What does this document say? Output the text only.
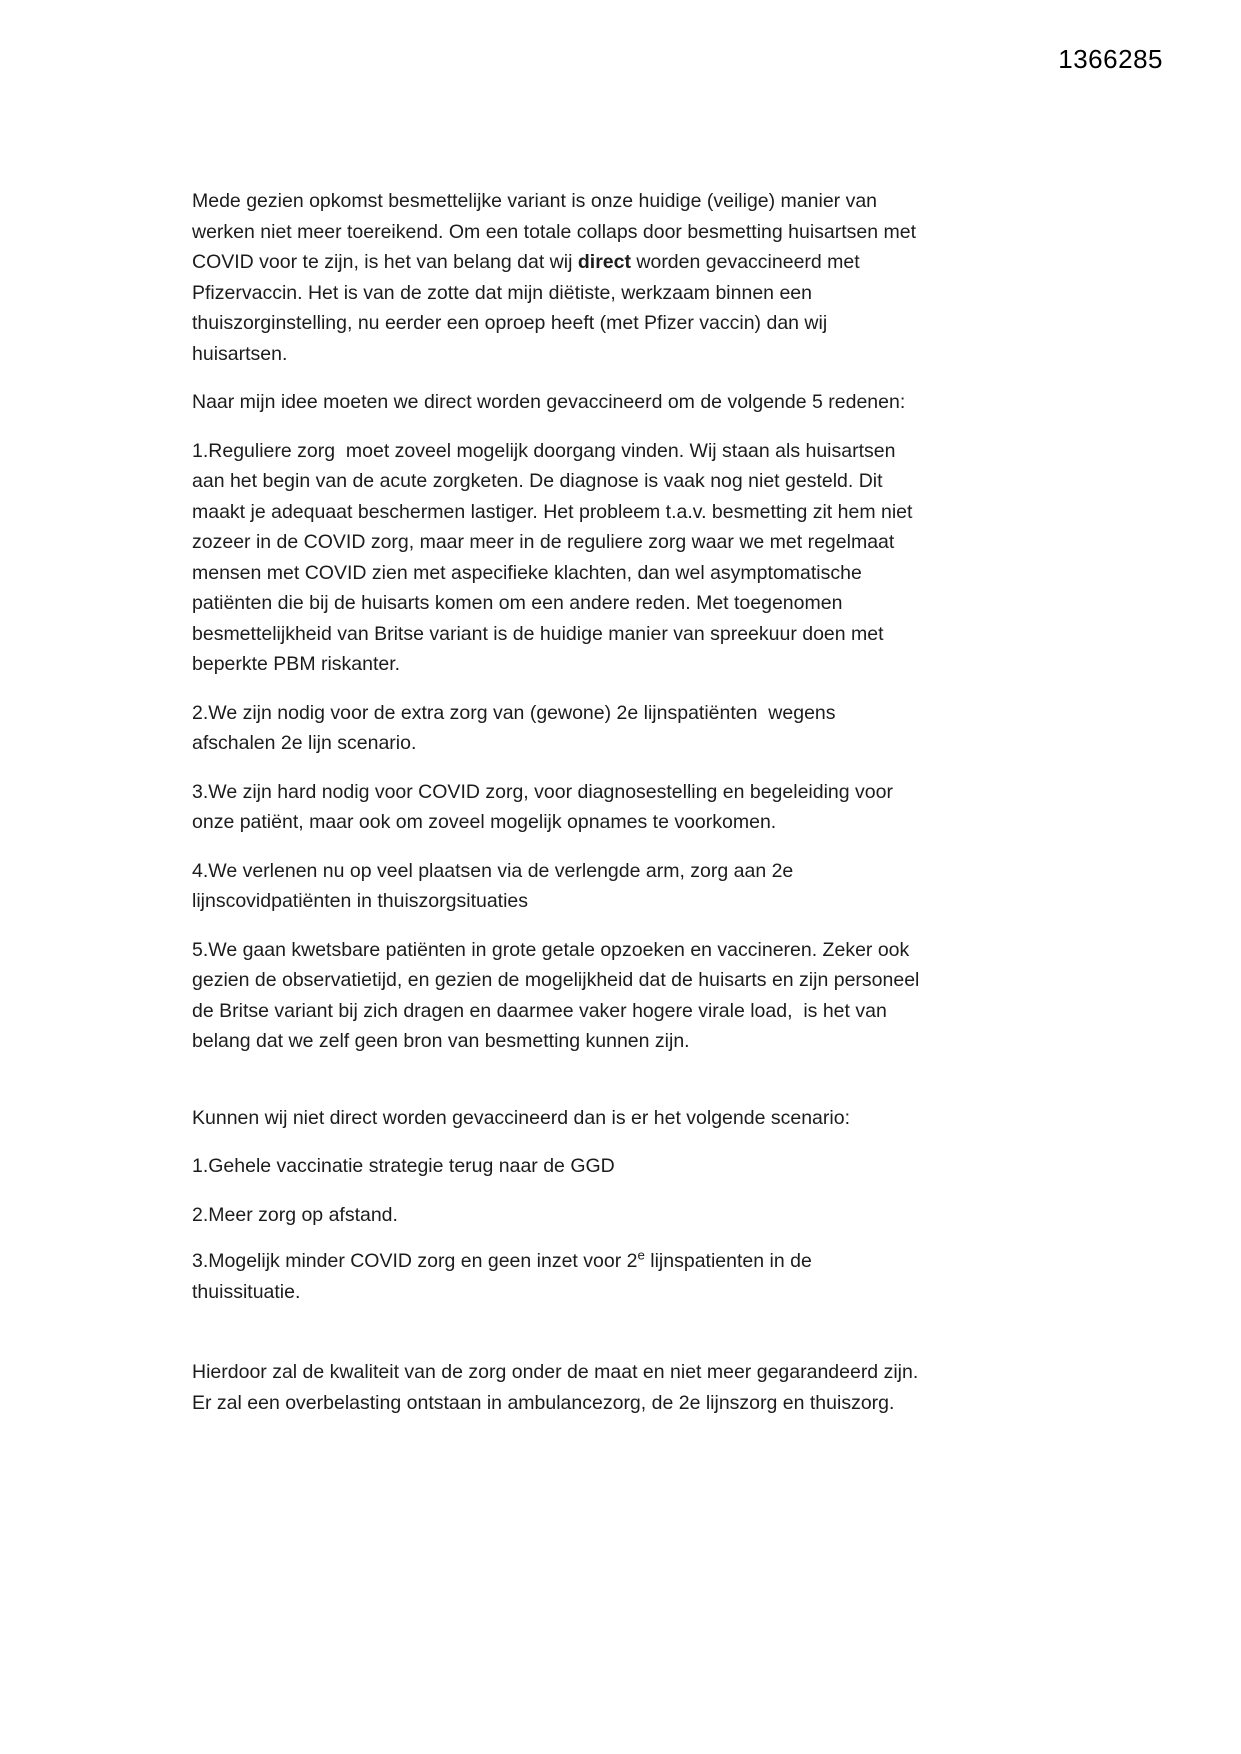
1366285

Mede gezien opkomst besmettelijke variant is onze huidige (veilige) manier van werken niet meer toereikend. Om een totale collaps door besmetting huisartsen met COVID voor te zijn, is het van belang dat wij direct worden gevaccineerd met Pfizervaccin. Het is van de zotte dat mijn diëtiste, werkzaam binnen een thuiszorginstelling, nu eerder een oproep heeft (met Pfizer vaccin) dan wij huisartsen.

Naar mijn idee moeten we direct worden gevaccineerd om de volgende 5 redenen:

1.Reguliere zorg  moet zoveel mogelijk doorgang vinden. Wij staan als huisartsen aan het begin van de acute zorgketen. De diagnose is vaak nog niet gesteld. Dit maakt je adequaat beschermen lastiger. Het probleem t.a.v. besmetting zit hem niet zozeer in de COVID zorg, maar meer in de reguliere zorg waar we met regelmaat mensen met COVID zien met aspecifieke klachten, dan wel asymptomatische patiënten die bij de huisarts komen om een andere reden. Met toegenomen besmettelijkheid van Britse variant is de huidige manier van spreekuur doen met beperkte PBM riskanter.

2.We zijn nodig voor de extra zorg van (gewone) 2e lijnspatiënten  wegens afschalen 2e lijn scenario.

3.We zijn hard nodig voor COVID zorg, voor diagnosestelling en begeleiding voor onze patiënt, maar ook om zoveel mogelijk opnames te voorkomen.

4.We verlenen nu op veel plaatsen via de verlengde arm, zorg aan 2e lijnscovidpatiënten in thuiszorgsituaties

5.We gaan kwetsbare patiënten in grote getale opzoeken en vaccineren. Zeker ook gezien de observatietijd, en gezien de mogelijkheid dat de huisarts en zijn personeel de Britse variant bij zich dragen en daarmee vaker hogere virale load,  is het van belang dat we zelf geen bron van besmetting kunnen zijn.

Kunnen wij niet direct worden gevaccineerd dan is er het volgende scenario:

1.Gehele vaccinatie strategie terug naar de GGD

2.Meer zorg op afstand.

3.Mogelijk minder COVID zorg en geen inzet voor 2e lijnspatienten in de thuissituatie.

Hierdoor zal de kwaliteit van de zorg onder de maat en niet meer gegarandeerd zijn. Er zal een overbelasting ontstaan in ambulancezorg, de 2e lijnszorg en thuiszorg.
